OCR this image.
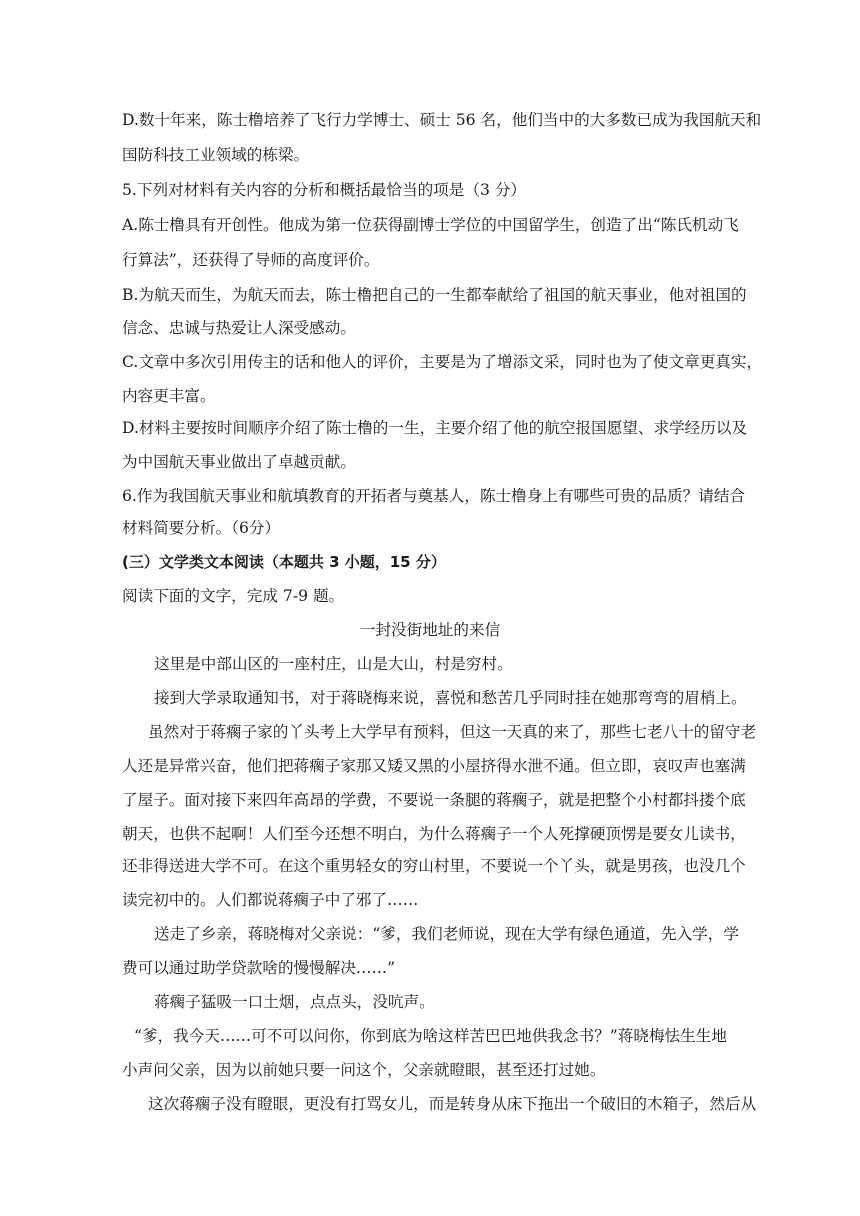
D.数十年来，陈士橹培养了飞行力学博士、硕士 56 名，他们当中的大多数已成为我国航天和
国防科技工业领域的栋梁。
5.下列对材料有关内容的分析和概括最恰当的项是（3 分）
A.陈士橹具有开创性。他成为第一位获得副博士学位的中国留学生，创造了出“陈氏机动飞
行算法”，还获得了导师的高度评价。
B.为航天而生，为航天而去，陈士橹把自己的一生都奉献给了祖国的航天事业，他对祖国的
信念、忠诚与热爱让人深受感动。
C.文章中多次引用传主的话和他人的评价，主要是为了增添文采，同时也为了使文章更真实，
内容更丰富。
D.材料主要按时间顺序介绍了陈士橹的一生，主要介绍了他的航空报国愿望、求学经历以及
为中国航天事业做出了卓越贡献。
6.作为我国航天事业和航填教育的开拓者与奠基人，陈士橹身上有哪些可贵的品质？请结合
材料简要分析。（6分）
(三）文学类文本阅读（本题共 3 小题，15 分）
阅读下面的文字，完成 7-9 题。
一封没街地址的来信
这里是中部山区的一座村庄，山是大山，村是穷村。
接到大学录取通知书，对于蒋晓梅来说，喜悦和愁苦几乎同时挂在她那弯弯的眉梢上。
虽然对于蒋瘸子家的丫头考上大学早有预料，但这一天真的来了，那些七老八十的留守老
人还是异常兴奋，他们把蒋瘸子家那又矮又黑的小屋挤得水泄不通。但立即，哀叹声也塞满
了屋子。面对接下来四年高昂的学费，不要说一条腿的蒋瘸子，就是把整个小村都抖搂个底
朝天，也供不起啊！人们至今还想不明白，为什么蒋瘸子一个人死撑硬顶愣是要女儿读书，
还非得送进大学不可。在这个重男轻女的穷山村里，不要说一个丫头，就是男孩，也没几个
读完初中的。人们都说蒋瘸子中了邪了……
送走了乡亲，蒋晓梅对父亲说：“爹，我们老师说，现在大学有绿色通道，先入学，学
费可以通过助学贷款啥的慢慢解决……”
蒋瘸子猛吸一口土烟，点点头，没吭声。
“爹，我今天……可不可以问你，你到底为啥这样苦巴巴地供我念书？”蒋晓梅怯生生地
小声问父亲，因为以前她只要一问这个，父亲就瞪眼，甚至还打过她。
这次蒋瘸子没有瞪眼，更没有打骂女儿，而是转身从床下拖出一个破旧的木箱子，然后从
